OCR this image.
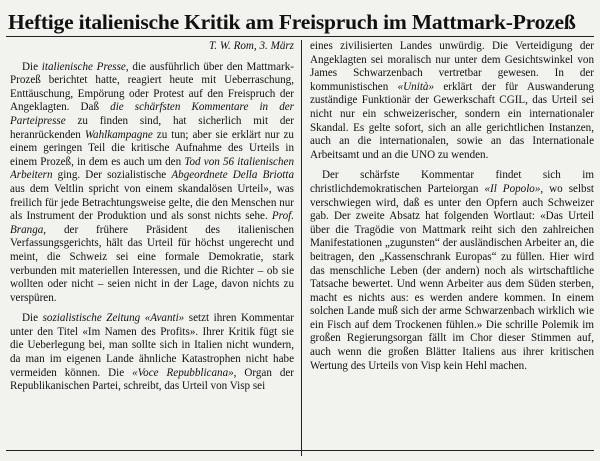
Heftige italienische Kritik am Freispruch im Mattmark-Prozeß

T. W. Rom, 3. März

Die italienische Presse, die ausführlich über den Mattmark-Prozeß berichtet hatte, reagiert heute mit Ueberraschung, Enttäuschung, Empörung oder Protest auf den Freispruch der Angeklagten. Daß die schärfsten Kommentare in der Parteipresse zu finden sind, hat sicherlich mit der heranrückenden Wahlkampagne zu tun; aber sie erklärt nur zu einem geringen Teil die kritische Aufnahme des Urteils in einem Prozeß, in dem es auch um den Tod von 56 italienischen Arbeitern ging. Der sozialistische Abgeordnete Della Briotta aus dem Veltlin spricht von einem skandalösen Urteil», was freilich für jede Betrachtungsweise gelte, die den Menschen nur als Instrument der Produktion und als sonst nichts sehe. Prof. Branga, der frühere Präsident des italienischen Verfassungsgerichts, hält das Urteil für höchst ungerecht und meint, die Schweiz sei eine formale Demokratie, stark verbunden mit materiellen Interessen, und die Richter – ob sie wollten oder nicht – seien nicht in der Lage, davon nichts zu verspüren.

Die sozialistische Zeitung «Avanti» setzt ihren Kommentar unter den Titel «Im Namen des Profits». Ihrer Kritik fügt sie die Ueberlegung bei, man sollte sich in Italien nicht wundern, da man im eigenen Lande ähnliche Katastrophen nicht habe vermeiden können. Die «Voce Repubblicana», Organ der Republikanischen Partei, schreibt, das Urteil von Visp sei

eines zivilisierten Landes unwürdig. Die Verteidigung der Angeklagten sei moralisch nur unter dem Gesichtswinkel von James Schwarzenbach vertretbar gewesen. In der kommunistischen «Unità» erklärt der für Auswanderung zuständige Funktionär der Gewerkschaft CGIL, das Urteil sei nicht nur ein schweizerischer, sondern ein internationaler Skandal. Es gelte sofort, sich an alle gerichtlichen Instanzen, auch an die internationalen, sowie an das Internationale Arbeitsamt und an die UNO zu wenden.

Der schärfste Kommentar findet sich im christlichdemokratischen Parteiorgan «Il Popolo», wo selbst verschwiegen wird, daß es unter den Opfern auch Schweizer gab. Der zweite Absatz hat folgenden Wortlaut: «Das Urteil über die Tragödie von Mattmark reiht sich den zahlreichen Manifestationen „zugunsten“ der ausländischen Arbeiter an, die beitragen, den „Kassenschrank Europas“ zu füllen. Hier wird das menschliche Leben (der andern) noch als wirtschaftliche Tatsache bewertet. Und wenn Arbeiter aus dem Süden sterben, macht es nichts aus: es werden andere kommen. In einem solchen Lande muß sich der arme Schwarzenbach wirklich wie ein Fisch auf dem Trockenen fühlen.» Die schrille Polemik im großen Regierungsorgan fällt im Chor dieser Stimmen auf, auch wenn die großen Blätter Italiens aus ihrer kritischen Wertung des Urteils von Visp kein Hehl machen.
